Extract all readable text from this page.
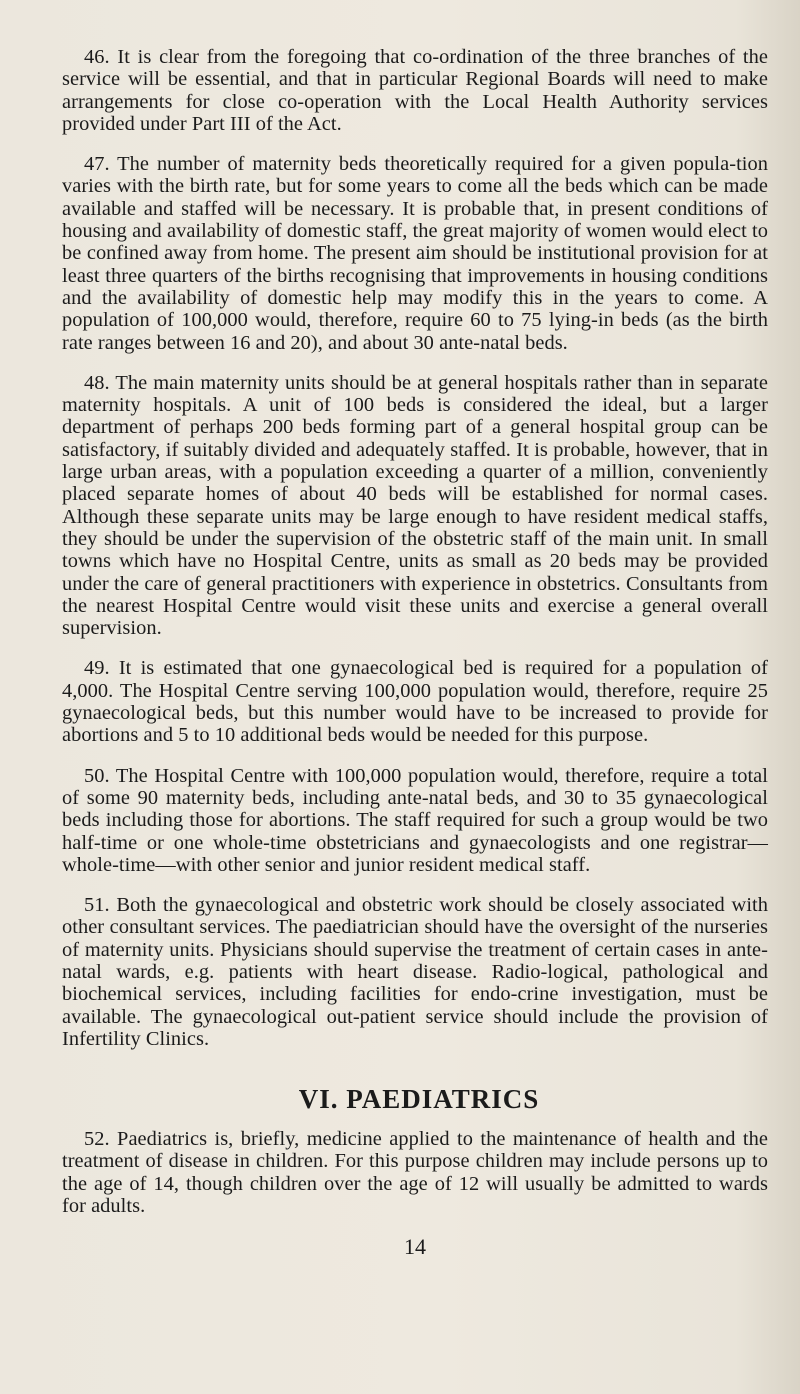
46. It is clear from the foregoing that co-ordination of the three branches of the service will be essential, and that in particular Regional Boards will need to make arrangements for close co-operation with the Local Health Authority services provided under Part III of the Act.

47. The number of maternity beds theoretically required for a given popula-tion varies with the birth rate, but for some years to come all the beds which can be made available and staffed will be necessary. It is probable that, in present conditions of housing and availability of domestic staff, the great majority of women would elect to be confined away from home. The present aim should be institutional provision for at least three quarters of the births recognising that improvements in housing conditions and the availability of domestic help may modify this in the years to come. A population of 100,000 would, therefore, require 60 to 75 lying-in beds (as the birth rate ranges between 16 and 20), and about 30 ante-natal beds.

48. The main maternity units should be at general hospitals rather than in separate maternity hospitals. A unit of 100 beds is considered the ideal, but a larger department of perhaps 200 beds forming part of a general hospital group can be satisfactory, if suitably divided and adequately staffed. It is probable, however, that in large urban areas, with a population exceeding a quarter of a million, conveniently placed separate homes of about 40 beds will be established for normal cases. Although these separate units may be large enough to have resident medical staffs, they should be under the supervision of the obstetric staff of the main unit. In small towns which have no Hospital Centre, units as small as 20 beds may be provided under the care of general practitioners with experience in obstetrics. Consultants from the nearest Hospital Centre would visit these units and exercise a general overall supervision.

49. It is estimated that one gynaecological bed is required for a population of 4,000. The Hospital Centre serving 100,000 population would, therefore, require 25 gynaecological beds, but this number would have to be increased to provide for abortions and 5 to 10 additional beds would be needed for this purpose.

50. The Hospital Centre with 100,000 population would, therefore, require a total of some 90 maternity beds, including ante-natal beds, and 30 to 35 gynaecological beds including those for abortions. The staff required for such a group would be two half-time or one whole-time obstetricians and gynaecologists and one registrar—whole-time—with other senior and junior resident medical staff.

51. Both the gynaecological and obstetric work should be closely associated with other consultant services. The paediatrician should have the oversight of the nurseries of maternity units. Physicians should supervise the treatment of certain cases in ante-natal wards, e.g. patients with heart disease. Radio-logical, pathological and biochemical services, including facilities for endo-crine investigation, must be available. The gynaecological out-patient service should include the provision of Infertility Clinics.

VI. PAEDIATRICS

52. Paediatrics is, briefly, medicine applied to the maintenance of health and the treatment of disease in children. For this purpose children may include persons up to the age of 14, though children over the age of 12 will usually be admitted to wards for adults.

14
